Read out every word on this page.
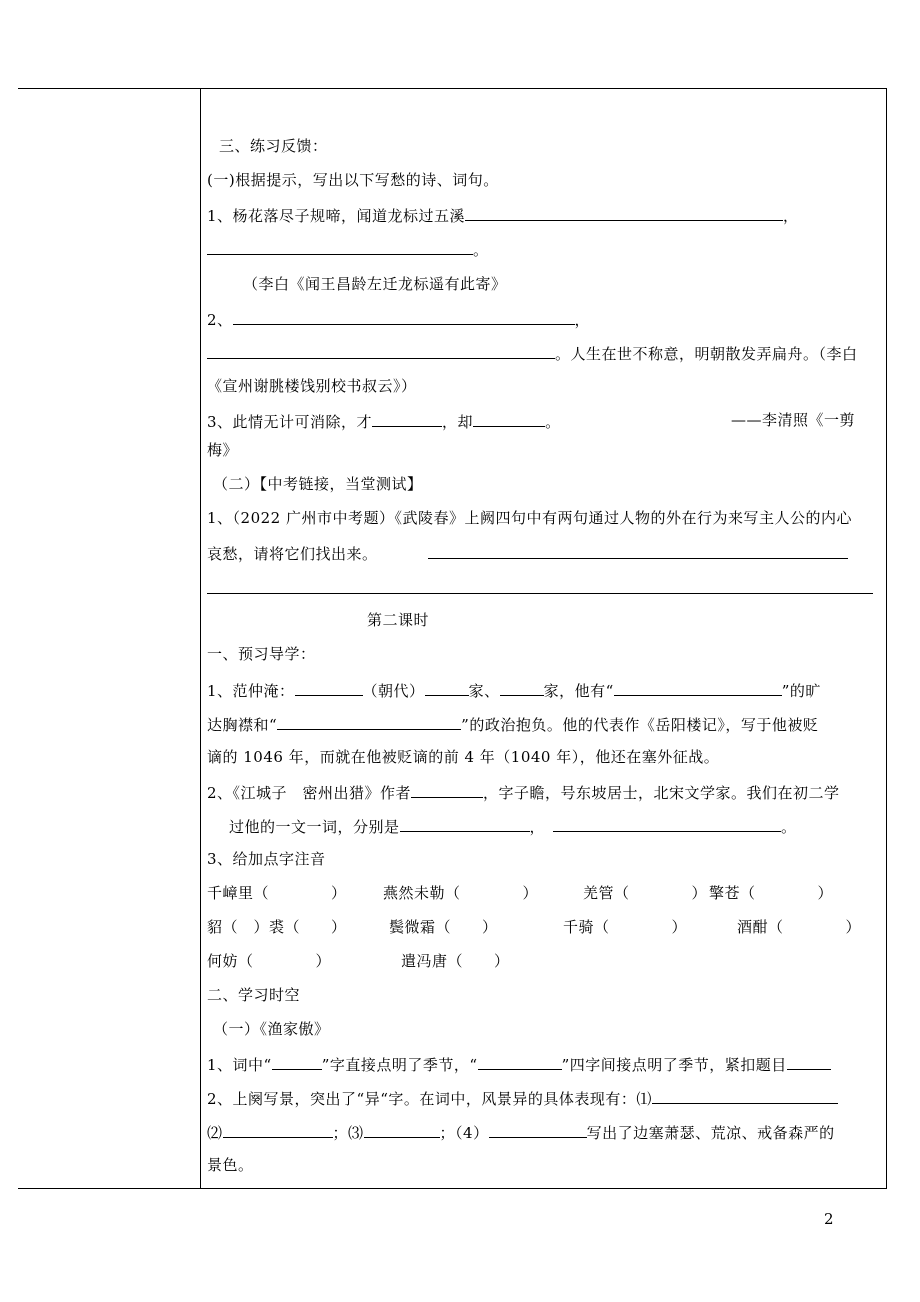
三、练习反馈：
(一)根据提示，写出以下写愁的诗、词句。
1、杨花落尽子规啼，闻道龙标过五溪	，
。
（李白《闻王昌龄左迁龙标遥有此寄》
2、	，
。人生在世不称意，明朝散发弄扁舟。（李白
《宣州谢朓楼饯别校书叔云》）
3、此情无计可消除，才	，却	。	——李清照《一剪
梅》
（二）【中考链接，当堂测试】
1、（2022 广州市中考题）《武陵春》上阙四句中有两句通过人物的外在行为来写主人公的内心
哀愁，请将它们找出来。
第二课时
一、预习导学：
1、范仲淹：	（朝代）	家、	家，他有“	”的旷
达胸襟和“	”的政治抱负。他的代表作《岳阳楼记》，写于他被贬
谪的 1046 年，而就在他被贬谪的前 4 年（1040 年），他还在塞外征战。
2、《江城子　密州出猎》作者	，字子瞻，号东坡居士，北宋文学家。我们在初二学
过他的一文一词，分别是	，	。
3、给加点字注音
千嶂里（　　　　） 燕然未勒（　　　　）	羌管（　　　　） 擎苍（　　　　）
貂（　）裘（　　）	鬓微霜（　　）	千骑（　　　　）	酒酣（　　　　）
何妨（　　　　）	遣冯唐（　　）
二、学习时空
（一）《渔家傲》
1、词中“	”字直接点明了季节，“	”四字间接点明了季节，紧扣题目
2、上阕写景，突出了“异“字。在词中，风景异的具体表现有：⑴
⑵	；⑶	；（4）	写出了边塞萧瑟、荒凉、戒备森严的
景色。
2
